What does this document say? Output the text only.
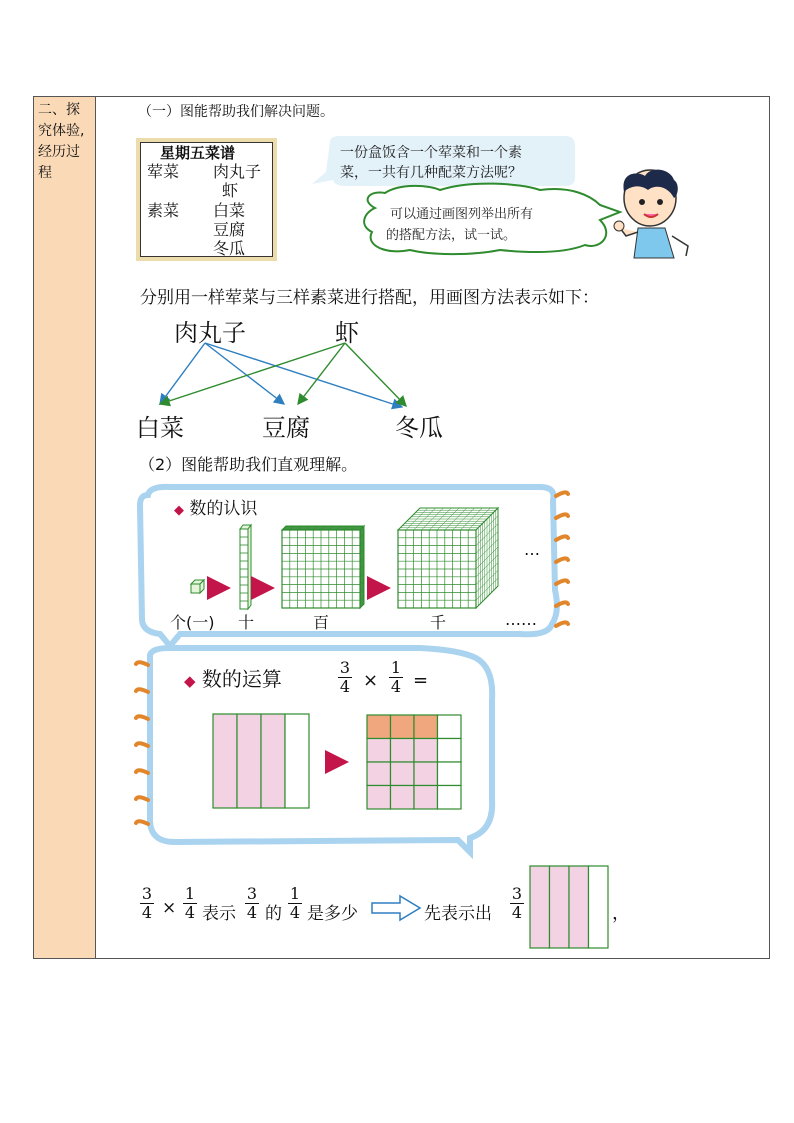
二、探
究体验,
经历过
程
（一）图能帮助我们解决问题。
星期五菜谱
荤菜 肉丸子
虾
素菜 白菜
豆腐
冬瓜
一份盒饭含一个荤菜和一个素
菜，一共有几种配菜方法呢？
可以通过画图列举出所有
的搭配方法，试一试。
分别用一样荤菜与三样素菜进行搭配，用画图方法表示如下：
肉丸子	虾
白菜	豆腐	冬瓜
（2）图能帮助我们直观理解。
◆ 数的认识
个(一) 十	百	千
…
……
◆ 数的运算	3
4 ×
1
4 =
3
4 ×
1
4 表示
3
4 的
1
4 是多少	先表示出
3
4	，
